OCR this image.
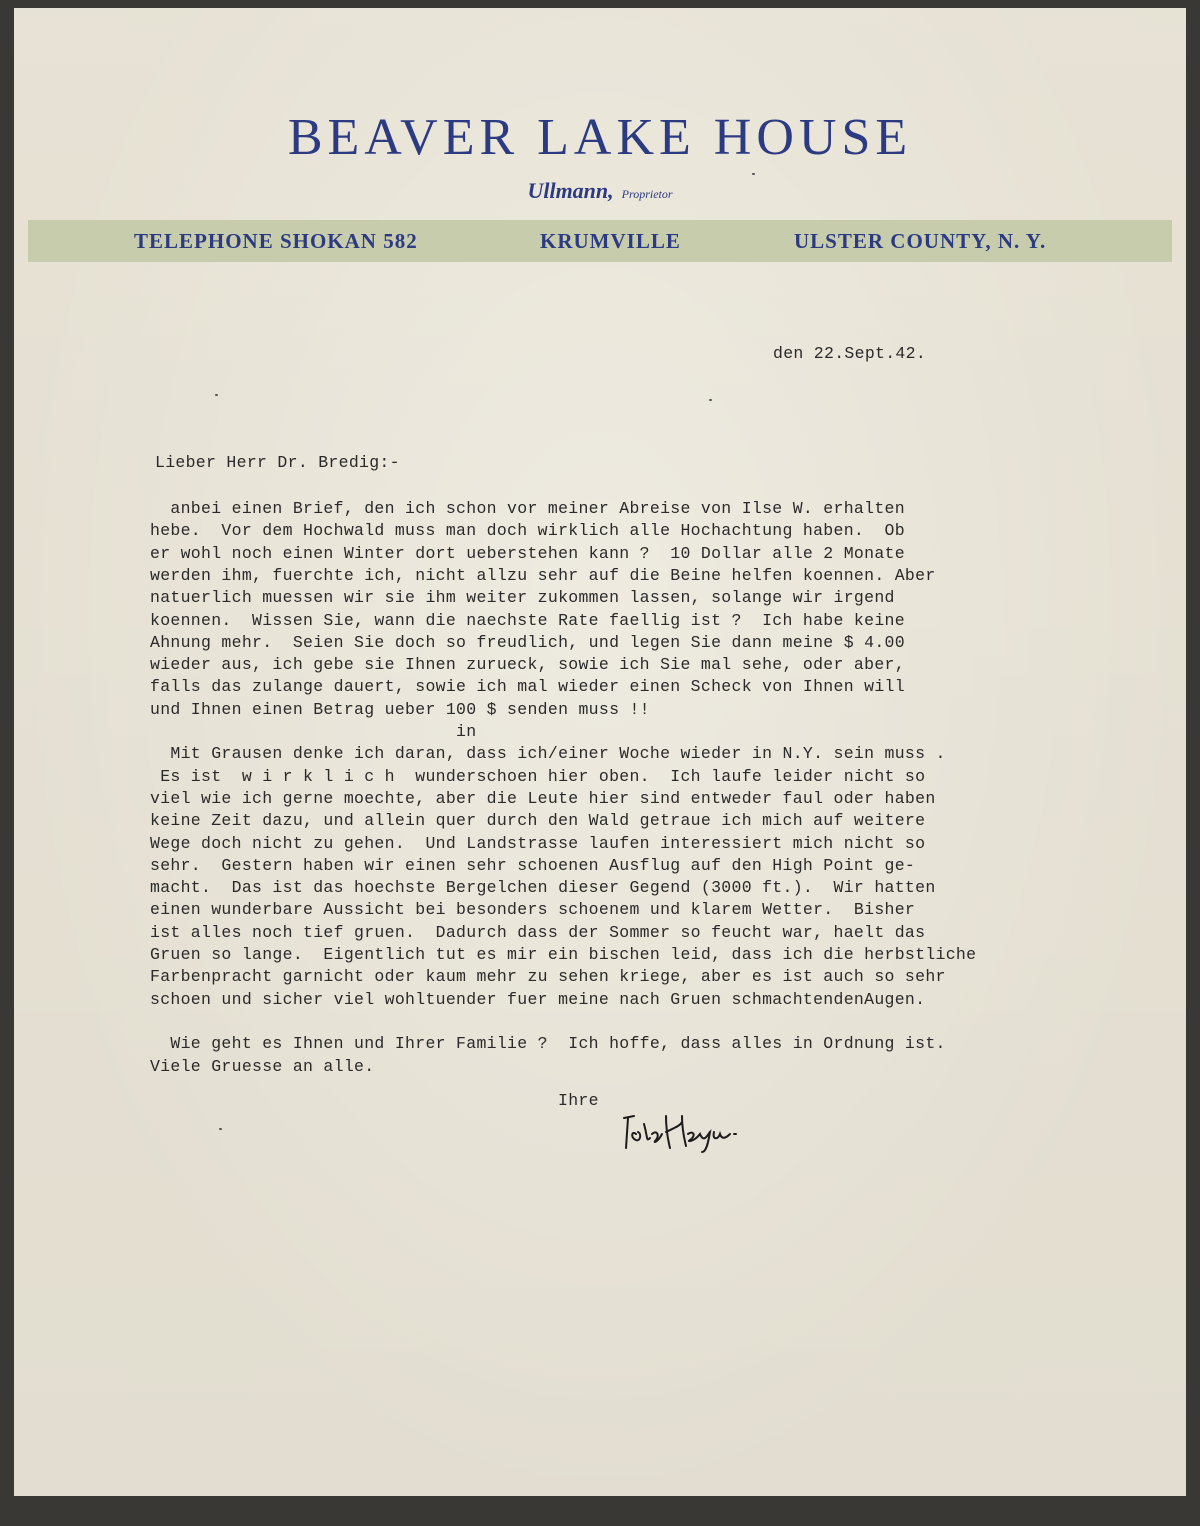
BEAVER LAKE HOUSE
Ullmann, Proprietor
TELEPHONE SHOKAN 582	KRUMVILLE	ULSTER COUNTY, N. Y.
den 22.Sept.42.
Lieber Herr Dr. Bredig:-
anbei einen Brief, den ich schon vor meiner Abreise von Ilse W. erhalten
hebe.  Vor dem Hochwald muss man doch wirklich alle Hochachtung haben.  Ob
er wohl noch einen Winter dort ueberstehen kann ?  10 Dollar alle 2 Monate
werden ihm, fuerchte ich, nicht allzu sehr auf die Beine helfen koennen. Aber
natuerlich muessen wir sie ihm weiter zukommen lassen, solange wir irgend
koennen.  Wissen Sie, wann die naechste Rate faellig ist ?  Ich habe keine
Ahnung mehr.  Seien Sie doch so freudlich, und legen Sie dann meine $ 4.00
wieder aus, ich gebe sie Ihnen zurueck, sowie ich Sie mal sehe, oder aber,
falls das zulange dauert, sowie ich mal wieder einen Scheck von Ihnen will
und Ihnen einen Betrag ueber 100 $ senden muss !!
in
Mit Grausen denke ich daran, dass ich/einer Woche wieder in N.Y. sein muss .
Es ist  w i r k l i c h  wunderschoen hier oben.  Ich laufe leider nicht so
viel wie ich gerne moechte, aber die Leute hier sind entweder faul oder haben
keine Zeit dazu, und allein quer durch den Wald getraue ich mich auf weitere
Wege doch nicht zu gehen.  Und Landstrasse laufen interessiert mich nicht so
sehr.  Gestern haben wir einen sehr schoenen Ausflug auf den High Point ge-
macht.  Das ist das hoechste Bergelchen dieser Gegend (3000 ft.).  Wir hatten
einen wunderbare Aussicht bei besonders schoenem und klarem Wetter.  Bisher
ist alles noch tief gruen.  Dadurch dass der Sommer so feucht war, haelt das
Gruen so lange.  Eigentlich tut es mir ein bischen leid, dass ich die herbstliche
Farbenpracht garnicht oder kaum mehr zu sehen kriege, aber es ist auch so sehr
schoen und sicher viel wohltuender fuer meine nach Gruen schmachtendenAugen.
Wie geht es Ihnen und Ihrer Familie ?  Ich hoffe, dass alles in Ordnung ist.
Viele Gruesse an alle.
Ihre
